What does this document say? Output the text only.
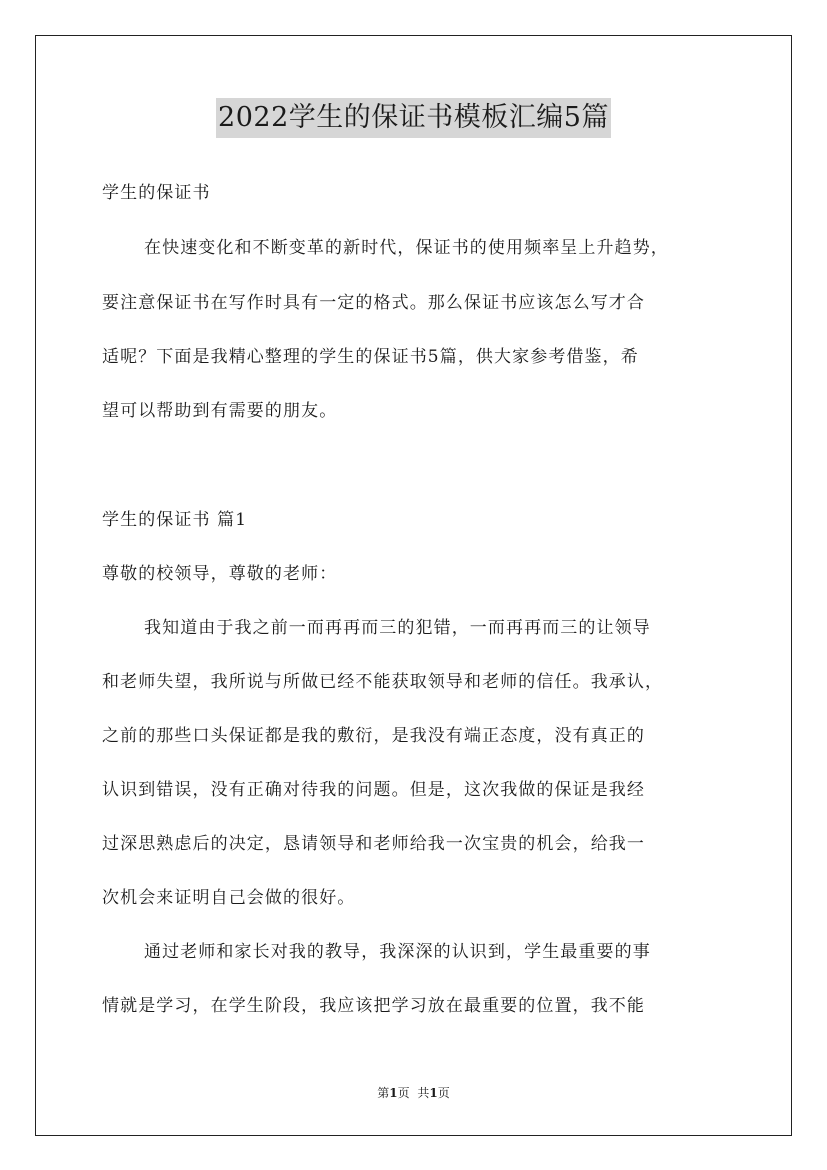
2022学生的保证书模板汇编5篇
学生的保证书
在快速变化和不断变革的新时代，保证书的使用频率呈上升趋势，
要注意保证书在写作时具有一定的格式。那么保证书应该怎么写才合
适呢？下面是我精心整理的学生的保证书5篇，供大家参考借鉴，希
望可以帮助到有需要的朋友。
学生的保证书 篇1
尊敬的校领导，尊敬的老师：
我知道由于我之前一而再再而三的犯错，一而再再而三的让领导
和老师失望，我所说与所做已经不能获取领导和老师的信任。我承认，
之前的那些口头保证都是我的敷衍，是我没有端正态度，没有真正的
认识到错误，没有正确对待我的问题。但是，这次我做的保证是我经
过深思熟虑后的决定，恳请领导和老师给我一次宝贵的机会，给我一
次机会来证明自己会做的很好。
通过老师和家长对我的教导，我深深的认识到，学生最重要的事
情就是学习，在学生阶段，我应该把学习放在最重要的位置，我不能
第1页 共1页
